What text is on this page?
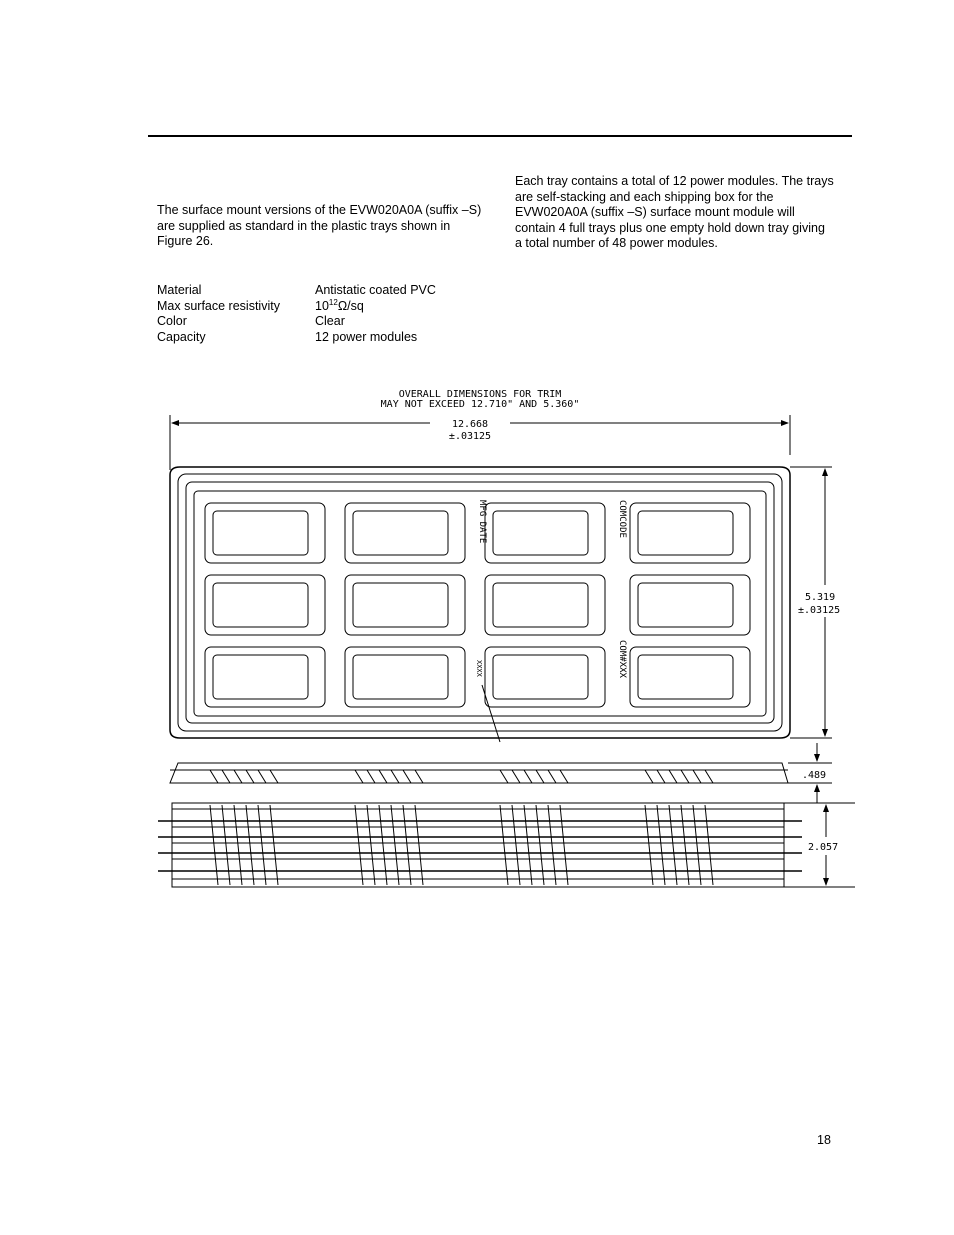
The surface mount versions of the EVW020A0A (suffix –S) are supplied as standard in the plastic trays shown in Figure 26.
Each tray contains a total of 12 power modules. The trays are self-stacking and each shipping box for the EVW020A0A (suffix –S) surface mount module will contain 4 full trays plus one empty hold down tray giving a total number of 48 power modules.
Material	Antistatic coated PVC
Max surface resistivity	$10^{12}\Omega/sq$
Color	Clear
Capacity	12 power modules
OVERALL DIMENSIONS FOR TRIM
MAY NOT EXCEED 12.710" AND 5.360"
12.668
±.03125
MFG DATE	COMCODE
COM#XXX
XXXX
5.319
±.03125
.489
2.057
18
